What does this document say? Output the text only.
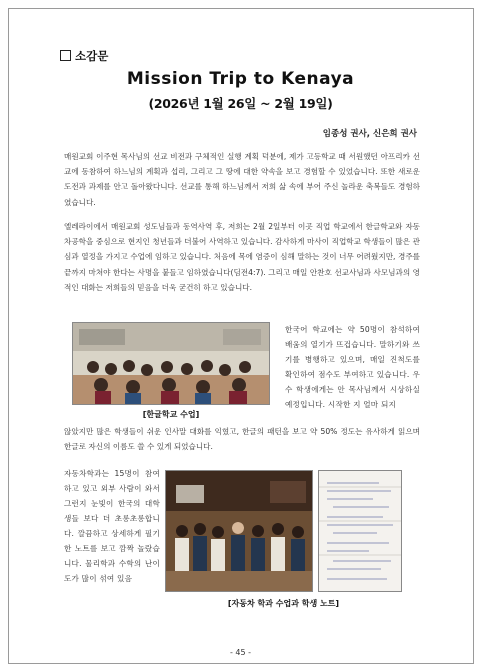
소감문
Mission Trip to Kenaya
(2026년 1월 26일 ~ 2월 19일)
임종성 권사, 신은희 권사

매원교회 이주현 목사님의 선교 비전과 구체적인 실행 계획 덕분에, 제가 고등학교 때 서원했던 아프리카 선교에 동참하여 하느님의 계획과 섭리, 그리고 그 땅에 대한 약속을 보고 경험할 수 있었습니다. 또한 새로운 도전과 과제를 안고 돌아왔다니다. 선교를 통해 하느님께서 저희 삶 속에 부어 주신 놀라운 축복들도 경험하였습니다.

엘레라이에서 매원교회 성도님들과 동역사역 후, 저희는 2월 2일부터 이곳 직업 학교에서 한글학교와 자동차공학을 중심으로 현지인 청년들과 더불어 사역하고 있습니다. 감사하게 마사이 직업학교 학생들이 많은 관심과 열정을 가지고 수업에 임하고 있습니다. 처음에 목에 염증이 심해 말하는 것이 너무 어려웠지만, 경주를 끝까지 마쳐야 한다는 사명을 붙들고 임하였습니다(딤전4:7). 그리고 매일 안찬호 선교사님과 사모님과의 영적인 대화는 저희들의 믿음을 더욱 굳건히 하고 있습니다.

[한글학교 수업]
한국어 학교에는 약 50명이 참석하여 배움의 열기가 뜨겁습니다. 말하기와 쓰기를 병행하고 있으며, 매일 진척도를 확인하여 점수도 부여하고 있습니다. 우수 학생에게는 안 목사님께서 시상하실 예정입니다. 시작한 지 얼마 되지

않았지만 많은 학생들이 쉬운 인사말 대화를 익혔고, 한글의 패턴을 보고 약 50% 정도는 유사하게 읽으며 한글로 자신의 이름도 쓸 수 있게 되었습니다.

자동차학과는 15명이 참여하고 있고 외부 사람이 와서 그런지 눈빛이 한국의 대학생들 보다 더 초롱초롱합니다. 깔끔하고 상세하게 필기한 노트를 보고 깜짝 놀랐습니다. 물리학과 수학의 난이도가 많이 섞여 있음
[자동차 학과 수업과 학생 노트]
- 45 -
